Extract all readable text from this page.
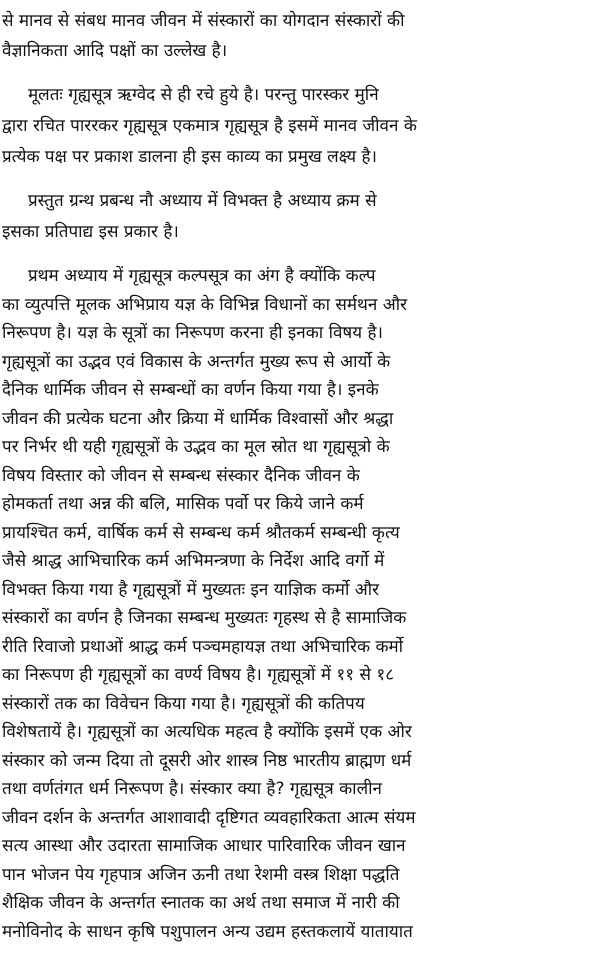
से मानव से संबध मानव जीवन में संस्कारों का योगदान संस्कारों की
वैज्ञानिकता आदि पक्षों का उल्लेख है।
मूलतः गृह्यसूत्र ऋग्वेद से ही रचे हुये है। परन्तु पारस्कर मुनि
द्वारा रचित पाररकर गृह्यसूत्र एकमात्र गृह्यसूत्र है इसमें मानव जीवन के
प्रत्येक पक्ष पर प्रकाश डालना ही इस काव्य का प्रमुख लक्ष्य है।
प्रस्तुत ग्रन्थ प्रबन्ध नौ अध्याय में विभक्त है अध्याय क्रम से
इसका प्रतिपाद्य इस प्रकार है।
प्रथम अध्याय में गृह्यसूत्र कल्पसूत्र का अंग है क्योंकि कल्प
का व्युत्पत्ति मूलक अभिप्राय यज्ञ के विभिन्न विधानों का सर्मथन और
निरूपण है। यज्ञ के सूत्रों का निरूपण करना ही इनका विषय है।
गृह्यसूत्रों का उद्भव एवं विकास के अन्तर्गत मुख्य रूप से आर्यो के
दैनिक धार्मिक जीवन से सम्बन्धों का वर्णन किया गया है। इनके
जीवन की प्रत्येक घटना और क्रिया में धार्मिक विश्वासों और श्रद्धा
पर निर्भर थी यही गृह्यसूत्रों के उद्भव का मूल स्रोत था गृह्यसूत्रो के
विषय विस्तार को जीवन से सम्बन्ध संस्कार दैनिक जीवन के
होमकर्ता तथा अन्न की बलि, मासिक पर्वो पर किये जाने कर्म
प्रायश्चित कर्म, वार्षिक कर्म से सम्बन्ध कर्म श्रौतकर्म सम्बन्धी कृत्य
जैसे श्राद्ध आभिचारिक कर्म अभिमन्त्रणा के निर्देश आदि वर्गो में
विभक्त किया गया है गृह्यसूत्रों में मुख्यतः इन याज्ञिक कर्मो और
संस्कारों का वर्णन है जिनका सम्बन्ध मुख्यतः गृहस्थ से है सामाजिक
रीति रिवाजो प्रथाओं श्राद्ध कर्म पञ्चमहायज्ञ तथा अभिचारिक कर्मो
का निरूपण ही गृह्यसूत्रों का वर्ण्य विषय है। गृह्यसूत्रों में ११ से १८
संस्कारों तक का विवेचन किया गया है। गृह्यसूत्रों की कतिपय
विशेषतायें है। गृह्यसूत्रों का अत्यधिक महत्व है क्योंकि इसमें एक ओर
संस्कार को जन्म दिया तो दूसरी ओर शास्त्र निष्ठ भारतीय ब्राह्मण धर्म
तथा वर्णतंगत धर्म निरूपण है। संस्कार क्या है? गृह्यसूत्र कालीन
जीवन दर्शन के अन्तर्गत आशावादी दृष्टिगत व्यवहारिकता आत्म संयम
सत्य आस्था और उदारता सामाजिक आधार पारिवारिक जीवन खान
पान भोजन पेय गृहपात्र अजिन ऊनी तथा रेशमी वस्त्र शिक्षा पद्धति
शैक्षिक जीवन के अन्तर्गत स्नातक का अर्थ तथा समाज में नारी की
मनोविनोद के साधन कृषि पशुपालन अन्य उद्यम हस्तकलायें यातायात
